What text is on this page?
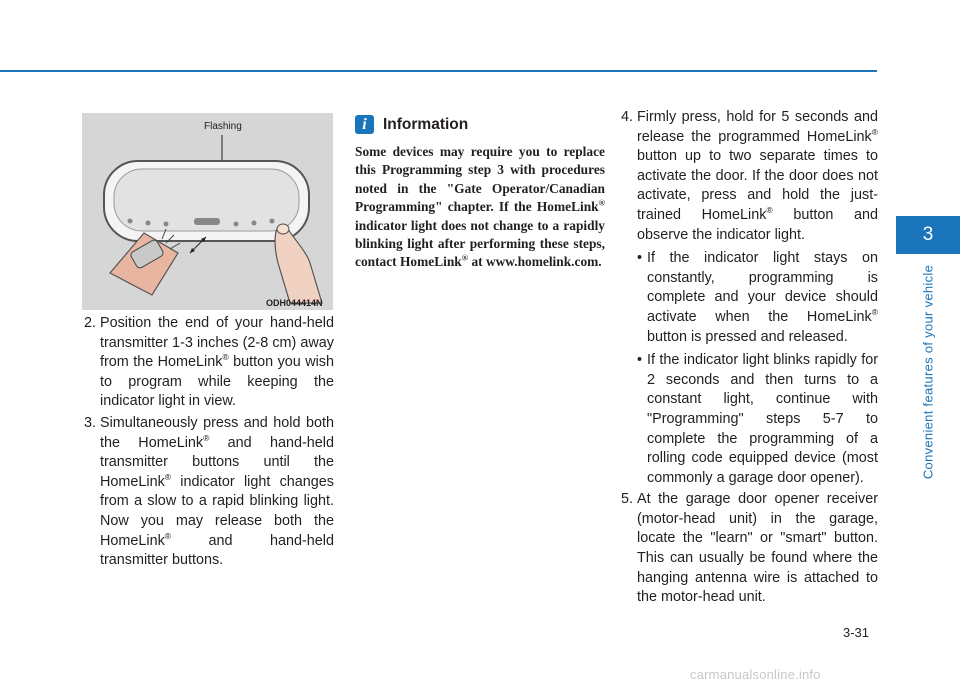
Flashing
ODH044414N

2. Position the end of your hand-held transmitter 1-3 inches (2-8 cm) away from the HomeLink® button you wish to program while keeping the indicator light in view.

3. Simultaneously press and hold both the HomeLink® and hand-held transmitter buttons until the HomeLink® indicator light changes from a slow to a rapid blinking light. Now you may release both the HomeLink® and hand-held transmitter buttons.

i	Information
Some devices may require you to replace this Programming step 3 with procedures noted in the "Gate Operator/Canadian Programming" chapter. If the HomeLink® indicator light does not change to a rapidly blinking light after performing these steps, contact HomeLink® at www.homelink.com.

4. Firmly press, hold for 5 seconds and release the programmed HomeLink® button up to two separate times to activate the door. If the door does not activate, press and hold the just-trained HomeLink® button and observe the indicator light.

• If the indicator light stays on constantly, programming is complete and your device should activate when the HomeLink® button is pressed and released.

• If the indicator light blinks rapidly for 2 seconds and then turns to a constant light, continue with "Programming" steps 5-7 to complete the programming of a rolling code equipped device (most commonly a garage door opener).

5. At the garage door opener receiver (motor-head unit) in the garage, locate the "learn" or "smart" button. This can usually be found where the hanging antenna wire is attached to the motor-head unit.

3
Convenient features of your vehicle
3-31
carmanualsonline.info
